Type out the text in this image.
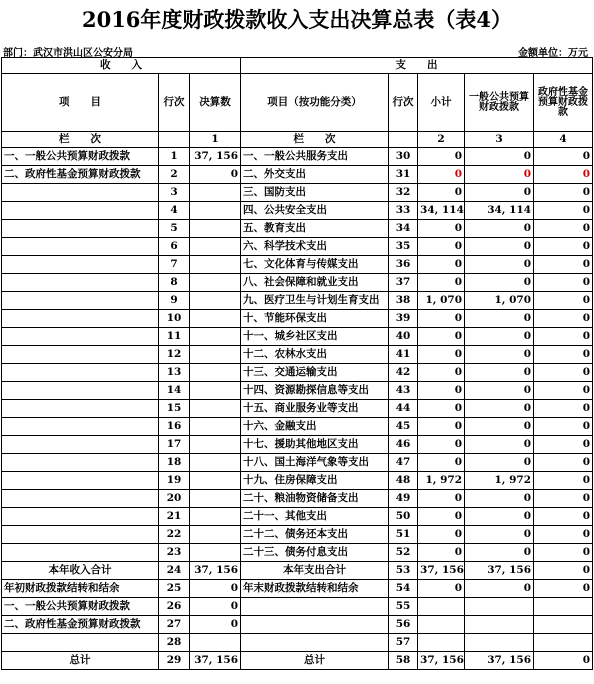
2016年度财政拨款收入支出决算总表（表4）
部门：武汉市洪山区公安分局	金额单位：万元
收　　入			支　　出				
项　　目	行次	决算数	项目（按功能分类）	行次	小计	一般公共预算财政拨款	政府性基金预算财政拨款
栏　　次		1	栏　　次		2	3	4
一、一般公共预算财政拨款	1	37, 156	一、一般公共服务支出	30	0	0	0
二、政府性基金预算财政拨款	2	0	二、外交支出	31	0	0	0
	3		三、国防支出	32	0	0	0
	4		四、公共安全支出	33	34, 114	34, 114	0
	5		五、教育支出	34	0	0	0
	6		六、科学技术支出	35	0	0	0
	7		七、文化体育与传媒支出	36	0	0	0
	8		八、社会保障和就业支出	37	0	0	0
	9		九、医疗卫生与计划生育支出	38	1, 070	1, 070	0
	10		十、节能环保支出	39	0	0	0
	11		十一、城乡社区支出	40	0	0	0
	12		十二、农林水支出	41	0	0	0
	13		十三、交通运输支出	42	0	0	0
	14		十四、资源勘探信息等支出	43	0	0	0
	15		十五、商业服务业等支出	44	0	0	0
	16		十六、金融支出	45	0	0	0
	17		十七、援助其他地区支出	46	0	0	0
	18		十八、国土海洋气象等支出	47	0	0	0
	19		十九、住房保障支出	48	1, 972	1, 972	0
	20		二十、粮油物资储备支出	49	0	0	0
	21		二十一、其他支出	50	0	0	0
	22		二十二、债务还本支出	51	0	0	0
	23		二十三、债务付息支出	52	0	0	0
本年收入合计	24	37, 156	本年支出合计	53	37, 156	37, 156	0
年初财政拨款结转和结余	25	0	年末财政拨款结转和结余	54	0	0	0
一、一般公共预算财政拨款	26	0		55			
二、政府性基金预算财政拨款	27	0		56			
	28			57			
总计	29	37, 156	总计	58	37, 156	37, 156	0
